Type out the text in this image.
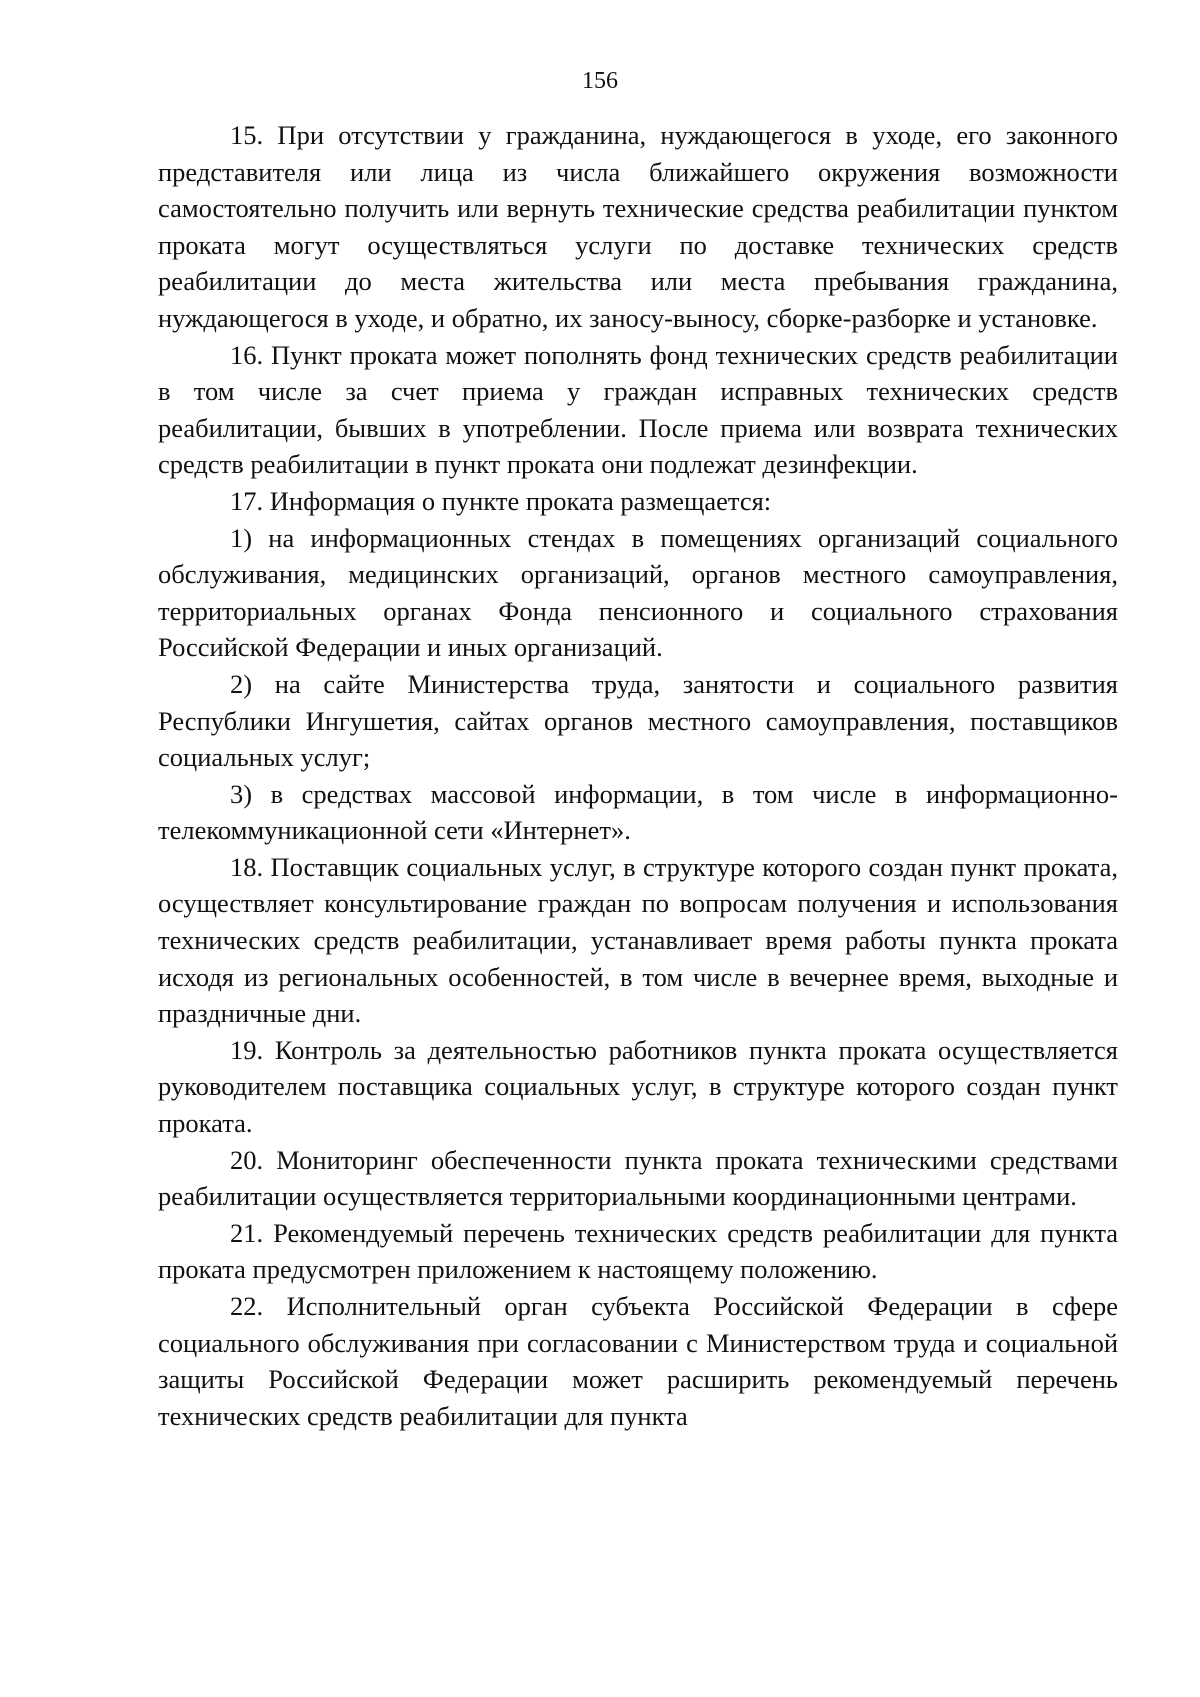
156

15. При отсутствии у гражданина, нуждающегося в уходе, его законного представителя или лица из числа ближайшего окружения возможности самостоятельно получить или вернуть технические средства реабилитации пунктом проката могут осуществляться услуги по доставке технических средств реабилитации до места жительства или места пребывания гражданина, нуждающегося в уходе, и обратно, их заносу-выносу, сборке-разборке и установке.

16. Пункт проката может пополнять фонд технических средств реабилитации в том числе за счет приема у граждан исправных технических средств реабилитации, бывших в употреблении. После приема или возврата технических средств реабилитации в пункт проката они подлежат дезинфекции.

17. Информация о пункте проката размещается:

1) на информационных стендах в помещениях организаций социального обслуживания, медицинских организаций, органов местного самоуправления, территориальных органах Фонда пенсионного и социального страхования Российской Федерации и иных организаций.

2) на сайте Министерства труда, занятости и социального развития Республики Ингушетия, сайтах органов местного самоуправления, поставщиков социальных услуг;

3) в средствах массовой информации, в том числе в информационно-телекоммуникационной сети «Интернет».

18. Поставщик социальных услуг, в структуре которого создан пункт проката, осуществляет консультирование граждан по вопросам получения и использования технических средств реабилитации, устанавливает время работы пункта проката исходя из региональных особенностей, в том числе в вечернее время, выходные и праздничные дни.

19. Контроль за деятельностью работников пункта проката осуществляется руководителем поставщика социальных услуг, в структуре которого создан пункт проката.

20. Мониторинг обеспеченности пункта проката техническими средствами реабилитации осуществляется территориальными координационными центрами.

21. Рекомендуемый перечень технических средств реабилитации для пункта проката предусмотрен приложением к настоящему положению.

22. Исполнительный орган субъекта Российской Федерации в сфере социального обслуживания при согласовании с Министерством труда и социальной защиты Российской Федерации может расширить рекомендуемый перечень технических средств реабилитации для пункта
